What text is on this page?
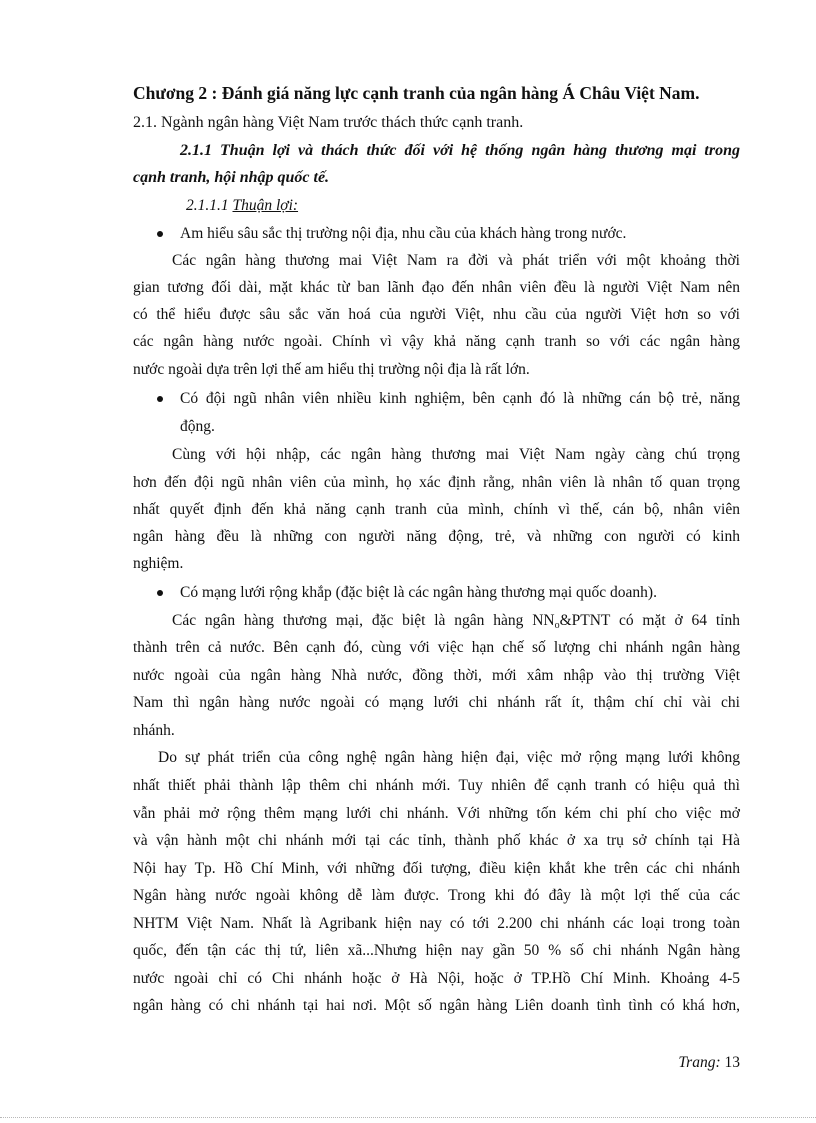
Chương 2 : Đánh giá năng lực cạnh tranh của ngân hàng Á Châu Việt Nam.
2.1. Ngành ngân hàng Việt Nam trước thách thức cạnh tranh.
2.1.1 Thuận lợi và thách thức đối với hệ thống ngân hàng thương mại trong
cạnh tranh, hội nhập quốc tế.
2.1.1.1 Thuận lợi:
Am hiểu sâu sắc thị trường nội địa, nhu cầu của khách hàng trong nước.
Các ngân hàng thương mai Việt Nam ra đời và phát triển với một khoảng thời
gian tương đối dài, mặt khác từ ban lãnh đạo đến nhân viên đều là người Việt Nam nên
có thể hiểu được sâu sắc văn hoá của người Việt, nhu cầu của người Việt hơn so với
các ngân hàng nước ngoài. Chính vì vậy khả năng cạnh tranh so với các ngân hàng
nước ngoài dựa trên lợi thế am hiểu thị trường nội địa là rất lớn.
Có đội ngũ nhân viên nhiều kinh nghiệm, bên cạnh đó là những cán bộ trẻ, năng
động.
Cùng với hội nhập, các ngân hàng thương mai Việt Nam ngày càng chú trọng
hơn đến đội ngũ nhân viên của mình, họ xác định rằng, nhân viên là nhân tố quan trọng
nhất quyết định đến khả năng cạnh tranh của mình, chính vì thế, cán bộ, nhân viên
ngân hàng đều là những con người năng động, trẻ, và những con người có kinh
nghiệm.
Có mạng lưới rộng khắp (đặc biệt là các ngân hàng thương mại quốc doanh).
Các ngân hàng thương mại, đặc biệt là ngân hàng $NN_o\&PTNT$ có mặt ở 64 tỉnh
thành trên cả nước. Bên cạnh đó, cùng với việc hạn chế số lượng chi nhánh ngân hàng
nước ngoài của ngân hàng Nhà nước, đồng thời, mới xâm nhập vào thị trường Việt
Nam thì ngân hàng nước ngoài có mạng lưới chi nhánh rất ít, thậm chí chỉ vài chi
nhánh.
Do sự phát triển của công nghệ ngân hàng hiện đại, việc mở rộng mạng lưới không
nhất thiết phải thành lập thêm chi nhánh mới. Tuy nhiên để cạnh tranh có hiệu quả thì
vẫn phải mở rộng thêm mạng lưới chi nhánh. Với những tốn kém chi phí cho việc mở
và vận hành một chi nhánh mới tại các tỉnh, thành phố khác ở xa trụ sở chính tại Hà
Nội hay Tp. Hồ Chí Minh, với những đối tượng, điều kiện khắt khe trên các chi nhánh
Ngân hàng nước ngoài không dễ làm được. Trong khi đó đây là một lợi thế của các
NHTM Việt Nam. Nhất là Agribank hiện nay có tới 2.200 chi nhánh các loại trong toàn
quốc, đến tận các thị tứ, liên xã...Nhưng hiện nay gần 50 % số chi nhánh Ngân hàng
nước ngoài chỉ có Chi nhánh hoặc ở Hà Nội, hoặc ở TP.Hồ Chí Minh. Khoảng 4-5
ngân hàng có chi nhánh tại hai nơi. Một số ngân hàng Liên doanh tình tình có khá hơn,
Trang: 13
